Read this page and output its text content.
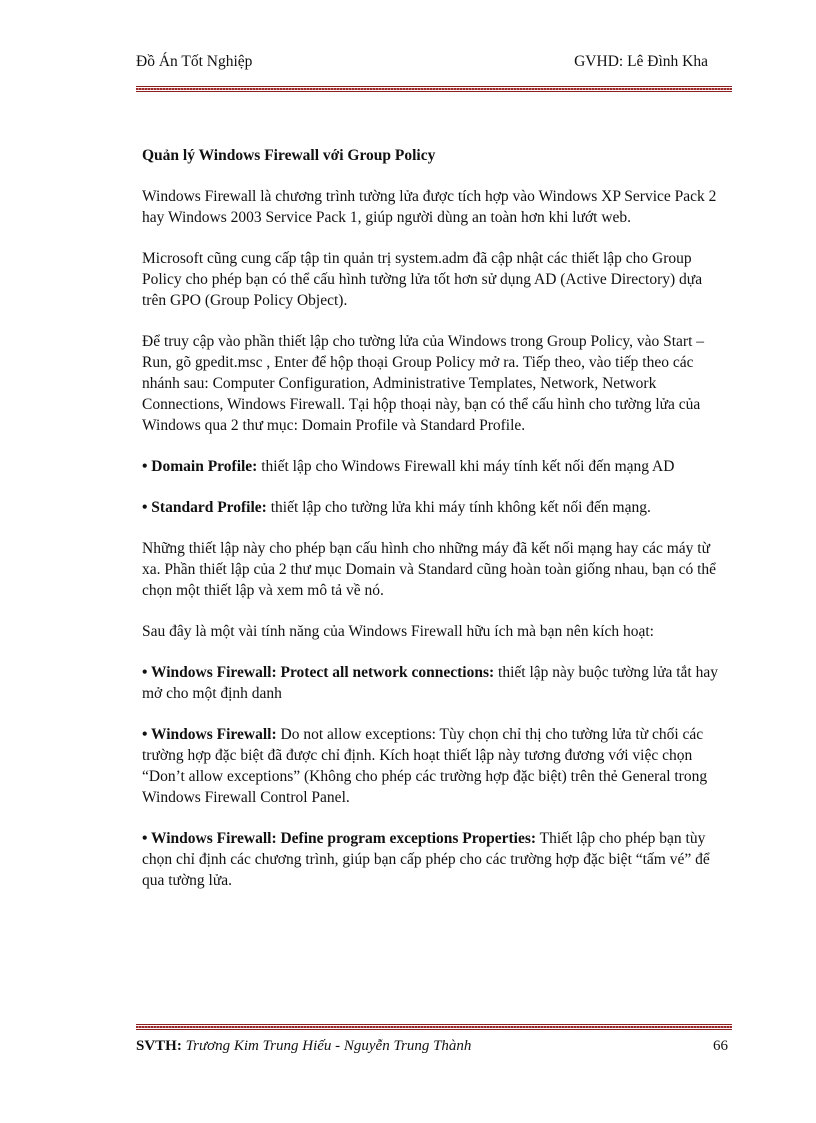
Đồ Án Tốt Nghiệp	GVHD: Lê Đình Kha

Quản lý Windows Firewall với Group Policy

Windows Firewall là chương trình tường lửa được tích hợp vào Windows XP Service Pack 2 hay Windows 2003 Service Pack 1, giúp người dùng an toàn hơn khi lướt web.

Microsoft cũng cung cấp tập tin quản trị system.adm đã cập nhật các thiết lập cho Group Policy cho phép bạn có thể cấu hình tường lửa tốt hơn sử dụng AD (Active Directory) dựa trên GPO (Group Policy Object).

Để truy cập vào phần thiết lập cho tường lửa của Windows trong Group Policy, vào Start – Run, gõ gpedit.msc , Enter để hộp thoại Group Policy mở ra. Tiếp theo, vào tiếp theo các nhánh sau: Computer Configuration, Administrative Templates, Network, Network Connections, Windows Firewall. Tại hộp thoại này, bạn có thể cấu hình cho tường lửa của Windows qua 2 thư mục: Domain Profile và Standard Profile.

• Domain Profile: thiết lập cho Windows Firewall khi máy tính kết nối đến mạng AD

• Standard Profile: thiết lập cho tường lửa khi máy tính không kết nối đến mạng.

Những thiết lập này cho phép bạn cấu hình cho những máy đã kết nối mạng hay các máy từ xa. Phần thiết lập của 2 thư mục Domain và Standard cũng hoàn toàn giống nhau, bạn có thể chọn một thiết lập và xem mô tả về nó.

Sau đây là một vài tính năng của Windows Firewall hữu ích mà bạn nên kích hoạt:

• Windows Firewall: Protect all network connections: thiết lập này buộc tường lửa tắt hay mở cho một định danh

• Windows Firewall: Do not allow exceptions: Tùy chọn chỉ thị cho tường lửa từ chối các trường hợp đặc biệt đã được chỉ định. Kích hoạt thiết lập này tương đương với việc chọn “Don’t allow exceptions” (Không cho phép các trường hợp đặc biệt) trên thẻ General trong Windows Firewall Control Panel.

• Windows Firewall: Define program exceptions Properties: Thiết lập cho phép bạn tùy chọn chỉ định các chương trình, giúp bạn cấp phép cho các trường hợp đặc biệt “tấm vé” để qua tường lửa.

SVTH: Trương Kim Trung Hiếu - Nguyễn Trung Thành	66
